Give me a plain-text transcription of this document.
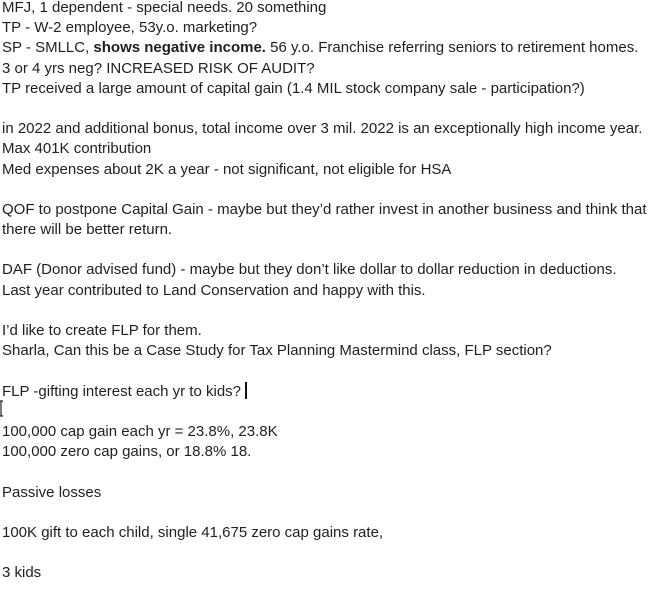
MFJ, 1 dependent - special needs. 20 something
TP - W-2 employee, 53y.o. marketing?
SP - SMLLC, shows negative income. 56 y.o. Franchise referring seniors to retirement homes.
3 or 4 yrs neg? INCREASED RISK OF AUDIT?
TP received a large amount of capital gain (1.4 MIL stock company sale - participation?)
in 2022 and additional bonus, total income over 3 mil. 2022 is an exceptionally high income year.
Max 401K contribution
Med expenses about 2K a year - not significant, not eligible for HSA
QOF to postpone Capital Gain - maybe but they’d rather invest in another business and think that there will be better return.
DAF (Donor advised fund) - maybe but they don’t like dollar to dollar reduction in deductions.
Last year contributed to Land Conservation and happy with this.
I’d like to create FLP for them.
Sharla, Can this be a Case Study for Tax Planning Mastermind class, FLP section?
FLP -gifting interest each yr to kids?
100,000 cap gain each yr = 23.8%, 23.8K
100,000 zero cap gains, or 18.8% 18.
Passive losses
100K gift to each child, single 41,675 zero cap gains rate,
3 kids
